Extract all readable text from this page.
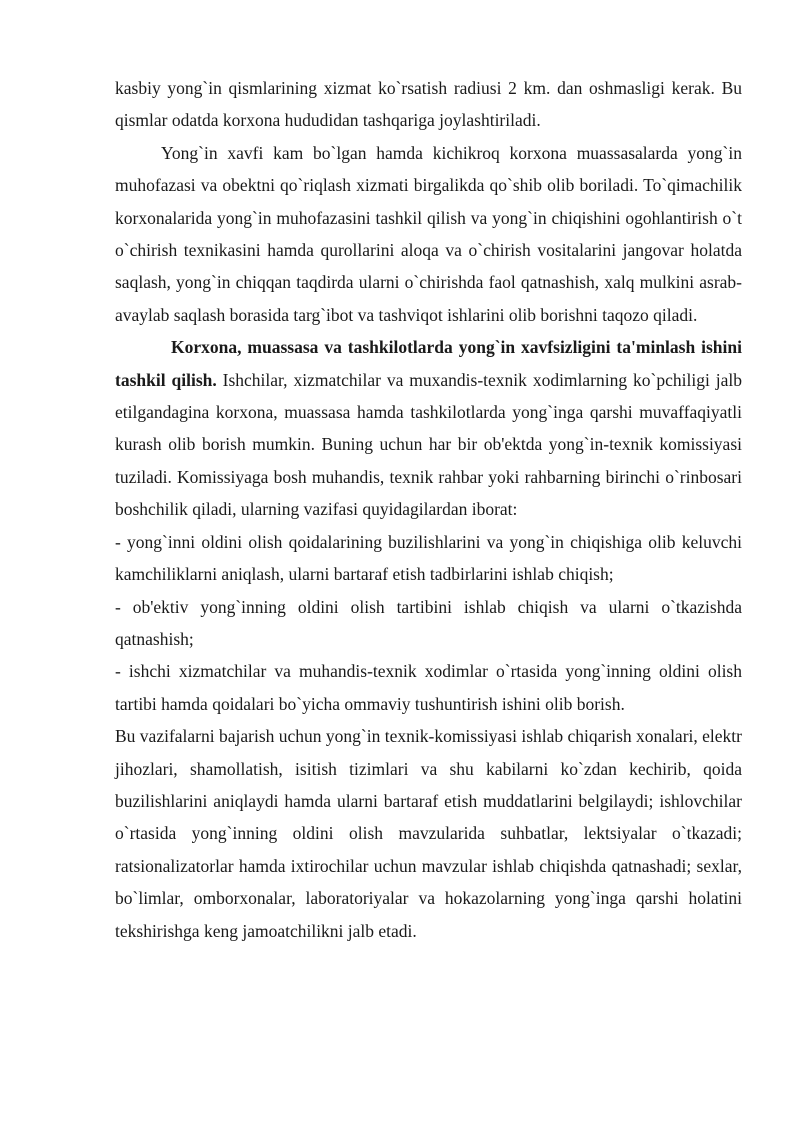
kasbiy yong`in qismlarining xizmat ko`rsatish radiusi 2 km. dan oshmasligi kerak. Bu qismlar odatda korxona hududidan tashqariga joylashtiriladi.

Yong`in xavfi kam bo`lgan hamda kichikroq korxona muassasalarda yong`in muhofazasi va obektni qo`riqlash xizmati birgalikda qo`shib olib boriladi. To`qimachilik korxonalarida yong`in muhofazasini tashkil qilish va yong`in chiqishini ogohlantirish o`t o`chirish texnikasini hamda qurollarini aloqa va o`chirish vositalarini jangovar holatda saqlash, yong`in chiqqan taqdirda ularni o`chirishda faol qatnashish, xalq mulkini asrab-avaylab saqlash borasida targ`ibot va tashviqot ishlarini olib borishni taqozo qiladi.

Korxona, muassasa va tashkilotlarda yong`in xavfsizligini ta'minlash ishini tashkil qilish. Ishchilar, xizmatchilar va muxandis-texnik xodimlarning ko`pchiligi jalb etilgandagina korxona, muassasa hamda tashkilotlarda yong`inga qarshi muvaffaqiyatli kurash olib borish mumkin. Buning uchun har bir ob'ektda yong`in-texnik komissiyasi tuziladi. Komissiyaga bosh muhandis, texnik rahbar yoki rahbarning birinchi o`rinbosari boshchilik qiladi, ularning vazifasi quyidagilardan iborat:

- yong`inni oldini olish qoidalarining buzilishlarini va yong`in chiqishiga olib keluvchi kamchiliklarni aniqlash, ularni bartaraf etish tadbirlarini ishlab chiqish;

- ob'ektiv yong`inning oldini olish tartibini ishlab chiqish va ularni o`tkazishda qatnashish;

- ishchi xizmatchilar va muhandis-texnik xodimlar o`rtasida yong`inning oldini olish tartibi hamda qoidalari bo`yicha ommaviy tushuntirish ishini olib borish.

Bu vazifalarni bajarish uchun yong`in texnik-komissiyasi ishlab chiqarish xonalari, elektr jihozlari, shamollatish, isitish tizimlari va shu kabilarni ko`zdan kechirib, qoida buzilishlarini aniqlaydi hamda ularni bartaraf etish muddatlarini belgilaydi; ishlovchilar o`rtasida yong`inning oldini olish mavzularida suhbatlar, lektsiyalar o`tkazadi; ratsionalizatorlar hamda ixtirochilar uchun mavzular ishlab chiqishda qatnashadi; sexlar, bo`limlar, omborxonalar, laboratoriyalar va hokazolarning yong`inga qarshi holatini tekshirishga keng jamoatchilikni jalb etadi.
